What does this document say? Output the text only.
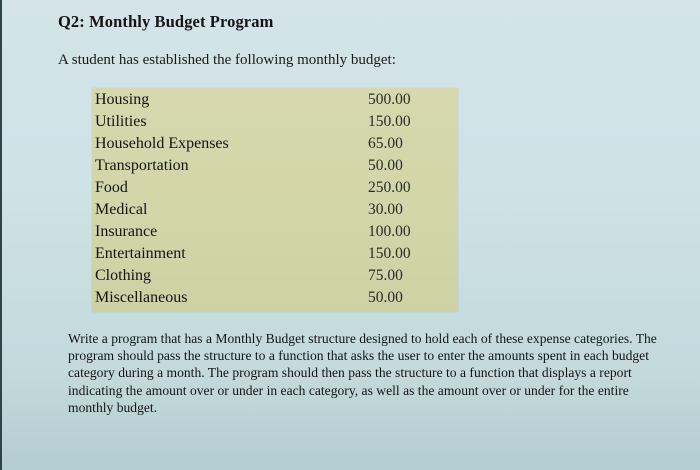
Q2: Monthly Budget Program
A student has established the following monthly budget:
Housing	500.00
Utilities	150.00
Household Expenses	65.00
Transportation	50.00
Food	250.00
Medical	30.00
Insurance	100.00
Entertainment	150.00
Clothing	75.00
Miscellaneous	50.00
Write a program that has a Monthly Budget structure designed to hold each of these expense categories. The program should pass the structure to a function that asks the user to enter the amounts spent in each budget category during a month. The program should then pass the structure to a function that displays a report indicating the amount over or under in each category, as well as the amount over or under for the entire monthly budget.
